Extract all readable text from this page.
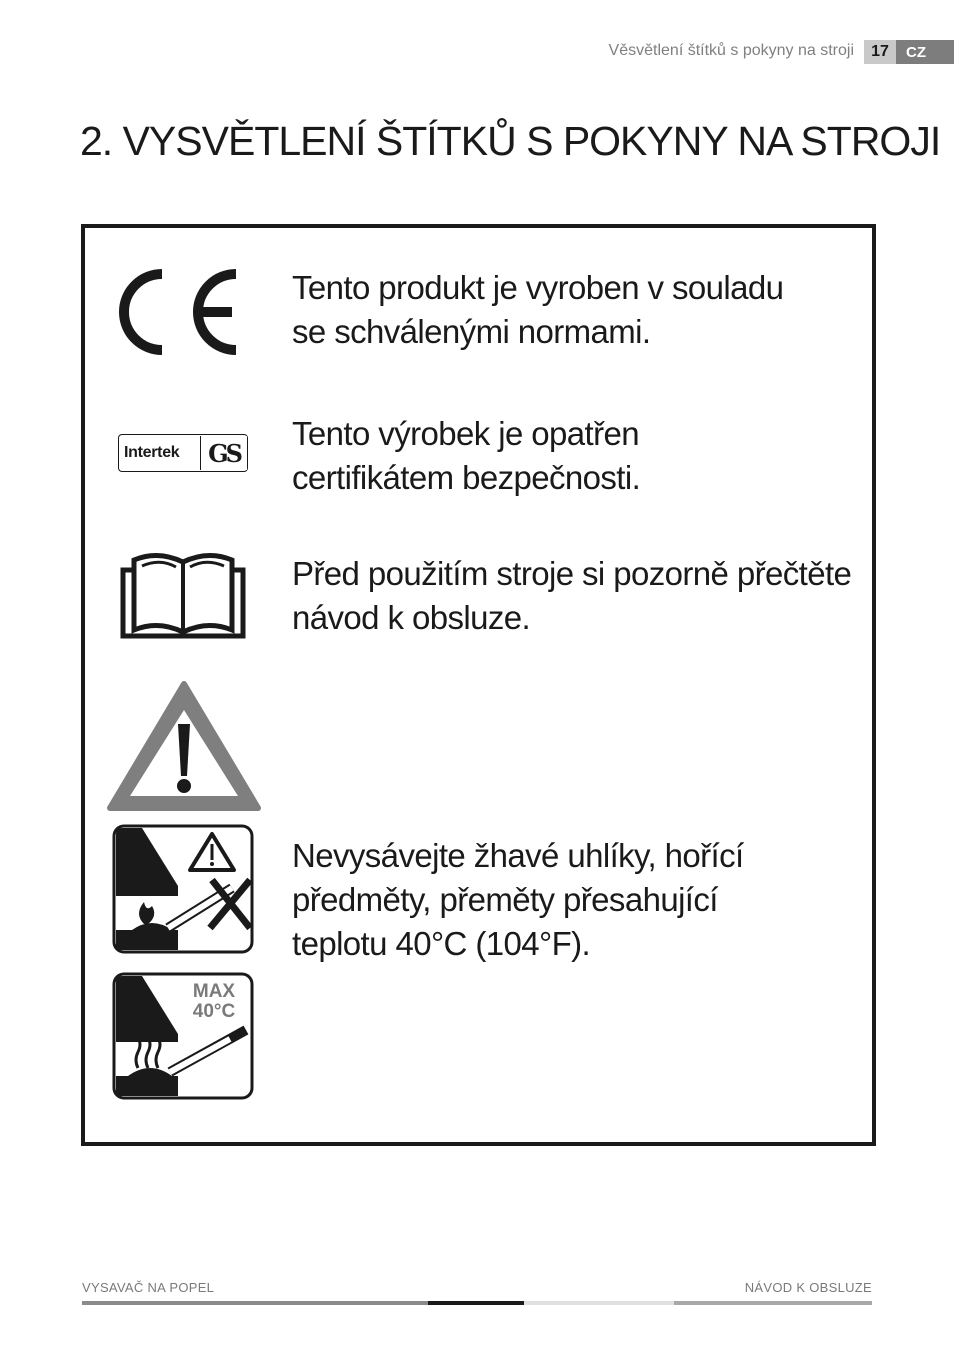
Věsvětlení štítků s pokyny na stroji	17	CZ
2. VYSVĚTLENÍ ŠTÍTKŮ S POKYNY NA STROJI
Tento produkt je vyroben v souladu
se schválenými normami.
Intertek GS
Tento výrobek je opatřen
certifikátem bezpečnosti.
Před použitím stroje si pozorně přečtěte
návod k obsluze.
MAX
40°C
Nevysávejte žhavé uhlíky, hořící
předměty, přeměty přesahující
teplotu 40°C (104°F).
VYSAVAČ NA POPEL	NÁVOD K OBSLUZE
